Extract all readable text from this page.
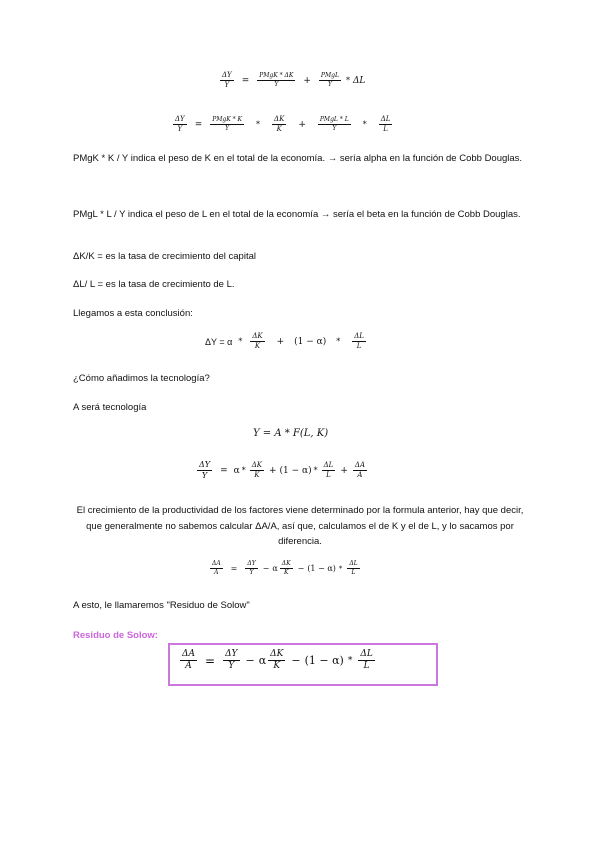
$\frac{\Delta Y}{Y} = \frac{\text{PMgK * ΔK}}{Y} + \frac{\text{PMgL}}{Y} * \Delta L$
$\frac{\Delta Y}{Y} = \frac{\text{PMgK * K}}{Y} * \frac{\Delta K}{K} + \frac{\text{PMgL * L}}{Y} * \frac{\Delta L}{L}$
PMgK * K / Y indica el peso de K en el total de la economía. → sería alpha en la función de Cobb Douglas.
PMgL * L / Y indica el peso de L en el total de la economía → sería el beta en la función de Cobb Douglas.
ΔK/K = es la tasa de crecimiento del capital
ΔL/ L = es la tasa de crecimiento de L.
Llegamos a esta conclusión:
$\Delta Y = \alpha * \frac{\Delta K}{K} + (1 - \alpha) * \frac{\Delta L}{L}$
¿Cómo añadimos la tecnología?
A será tecnología
Y = A * F(L, K)
$\frac{\Delta Y}{Y} = \alpha * \frac{\Delta K}{K} + (1 - \alpha) * \frac{\Delta L}{L} + \frac{\Delta A}{A}$
El crecimiento de la productividad de los factores viene determinado por la formula anterior, hay que decir, que generalmente no sabemos calcular ΔA/A, así que, calculamos el de K y el de L, y lo sacamos por diferencia.
$\frac{\Delta A}{A} = \frac{\Delta Y}{Y} - \alpha \frac{\Delta K}{K} - (1 - \alpha) * \frac{\Delta L}{L}$
A esto, le llamaremos "Residuo de Solow"
Residuo de Solow:
$\frac{\Delta A}{A} = \frac{\Delta Y}{Y} - \alpha \frac{\Delta K}{K} - (1 - \alpha) * \frac{\Delta L}{L}$
